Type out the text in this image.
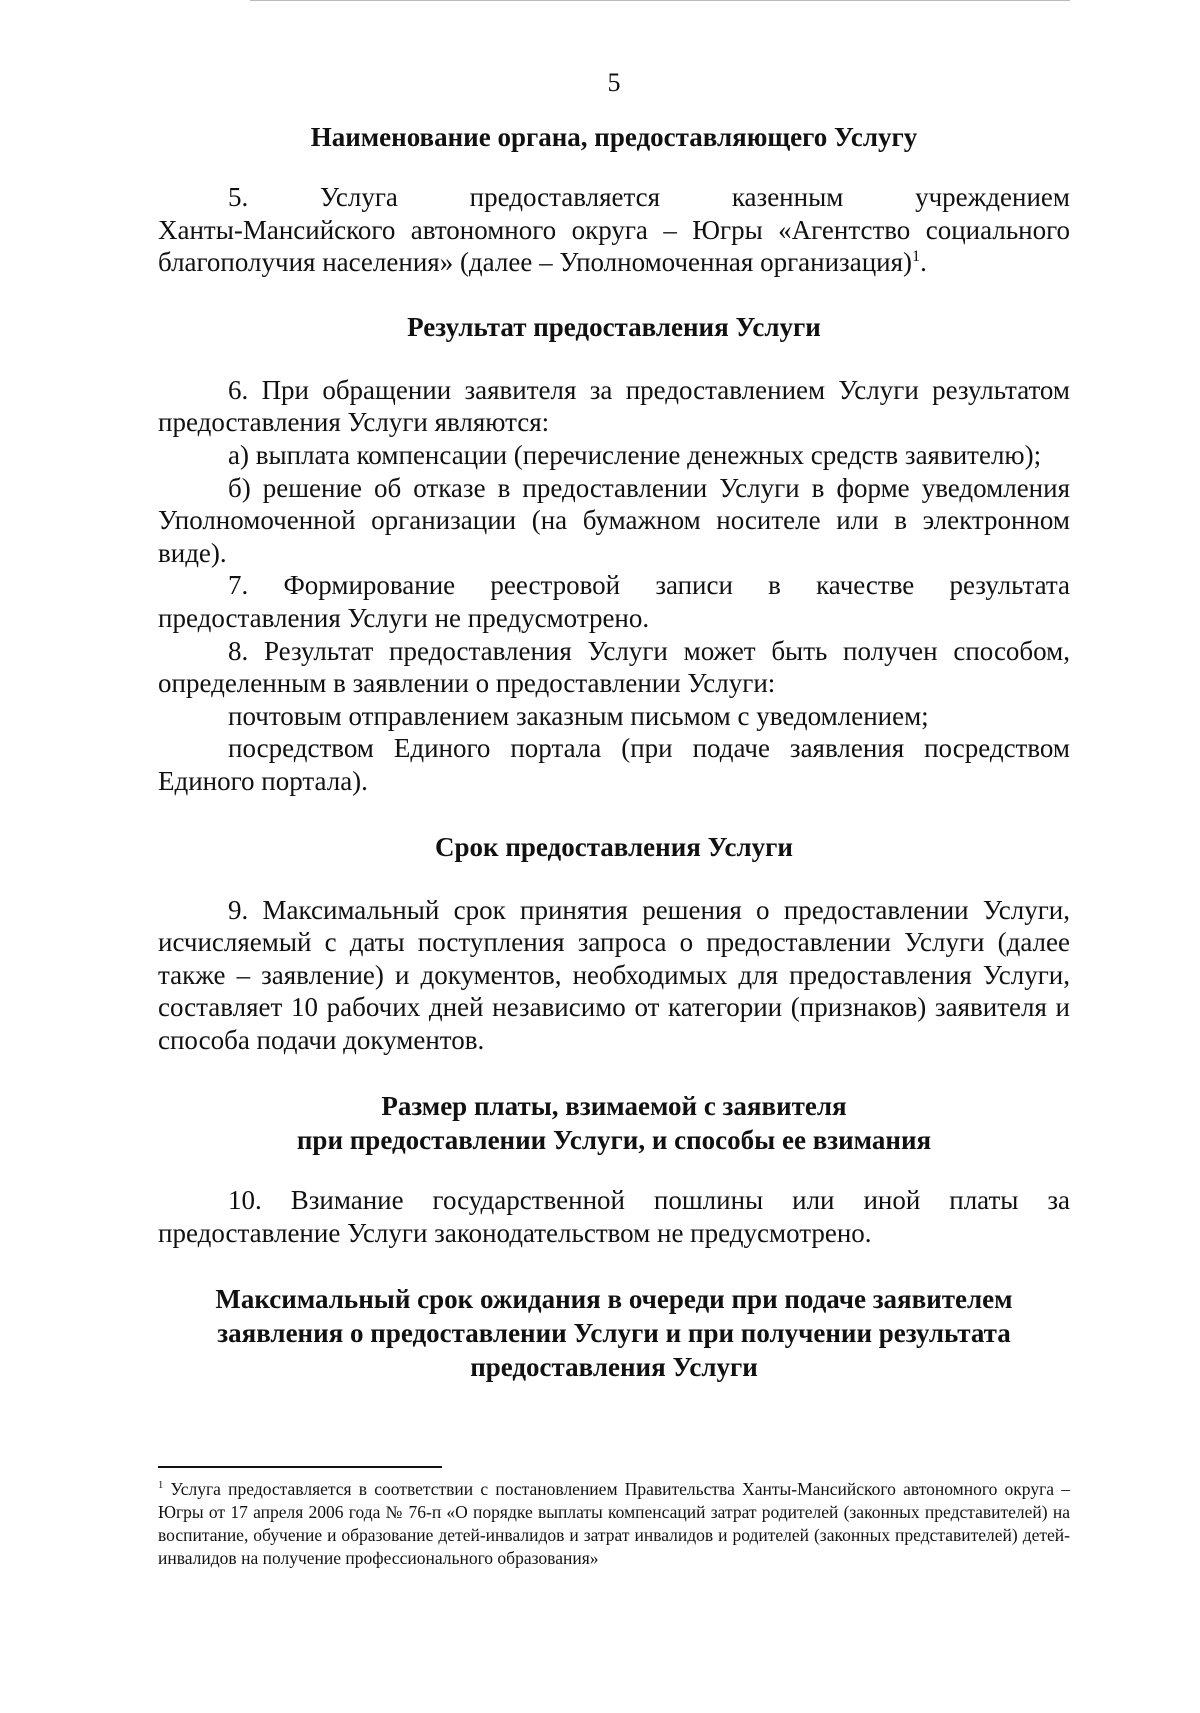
5
Наименование органа, предоставляющего Услугу

5. Услуга предоставляется казенным учреждением

Ханты-Мансийского автономного округа – Югры «Агентство социального благополучия населения» (далее – Уполномоченная организация)$^1$.

Результат предоставления Услуги

6. При обращении заявителя за предоставлением Услуги результатом предоставления Услуги являются:

а) выплата компенсации (перечисление денежных средств заявителю);

б) решение об отказе в предоставлении Услуги в форме уведомления Уполномоченной организации (на бумажном носителе или в электронном виде).

7. Формирование реестровой записи в качестве результата предоставления Услуги не предусмотрено.

8. Результат предоставления Услуги может быть получен способом, определенным в заявлении о предоставлении Услуги:

почтовым отправлением заказным письмом с уведомлением;

посредством Единого портала (при подаче заявления посредством Единого портала).

Срок предоставления Услуги

9. Максимальный срок принятия решения о предоставлении Услуги, исчисляемый с даты поступления запроса о предоставлении Услуги (далее также – заявление) и документов, необходимых для предоставления Услуги, составляет 10 рабочих дней независимо от категории (признаков) заявителя и способа подачи документов.

Размер платы, взимаемой с заявителя
при предоставлении Услуги, и способы ее взимания

10. Взимание государственной пошлины или иной платы за предоставление Услуги законодательством не предусмотрено.

Максимальный срок ожидания в очереди при подаче заявителем
заявления о предоставлении Услуги и при получении результата
предоставления Услуги

$^1$ Услуга предоставляется в соответствии с постановлением Правительства Ханты-Мансийского автономного округа – Югры от 17 апреля 2006 года № 76-п «О порядке выплаты компенсаций затрат родителей (законных представителей) на воспитание, обучение и образование детей-инвалидов и затрат инвалидов и родителей (законных представителей) детей-инвалидов на получение профессионального образования»
